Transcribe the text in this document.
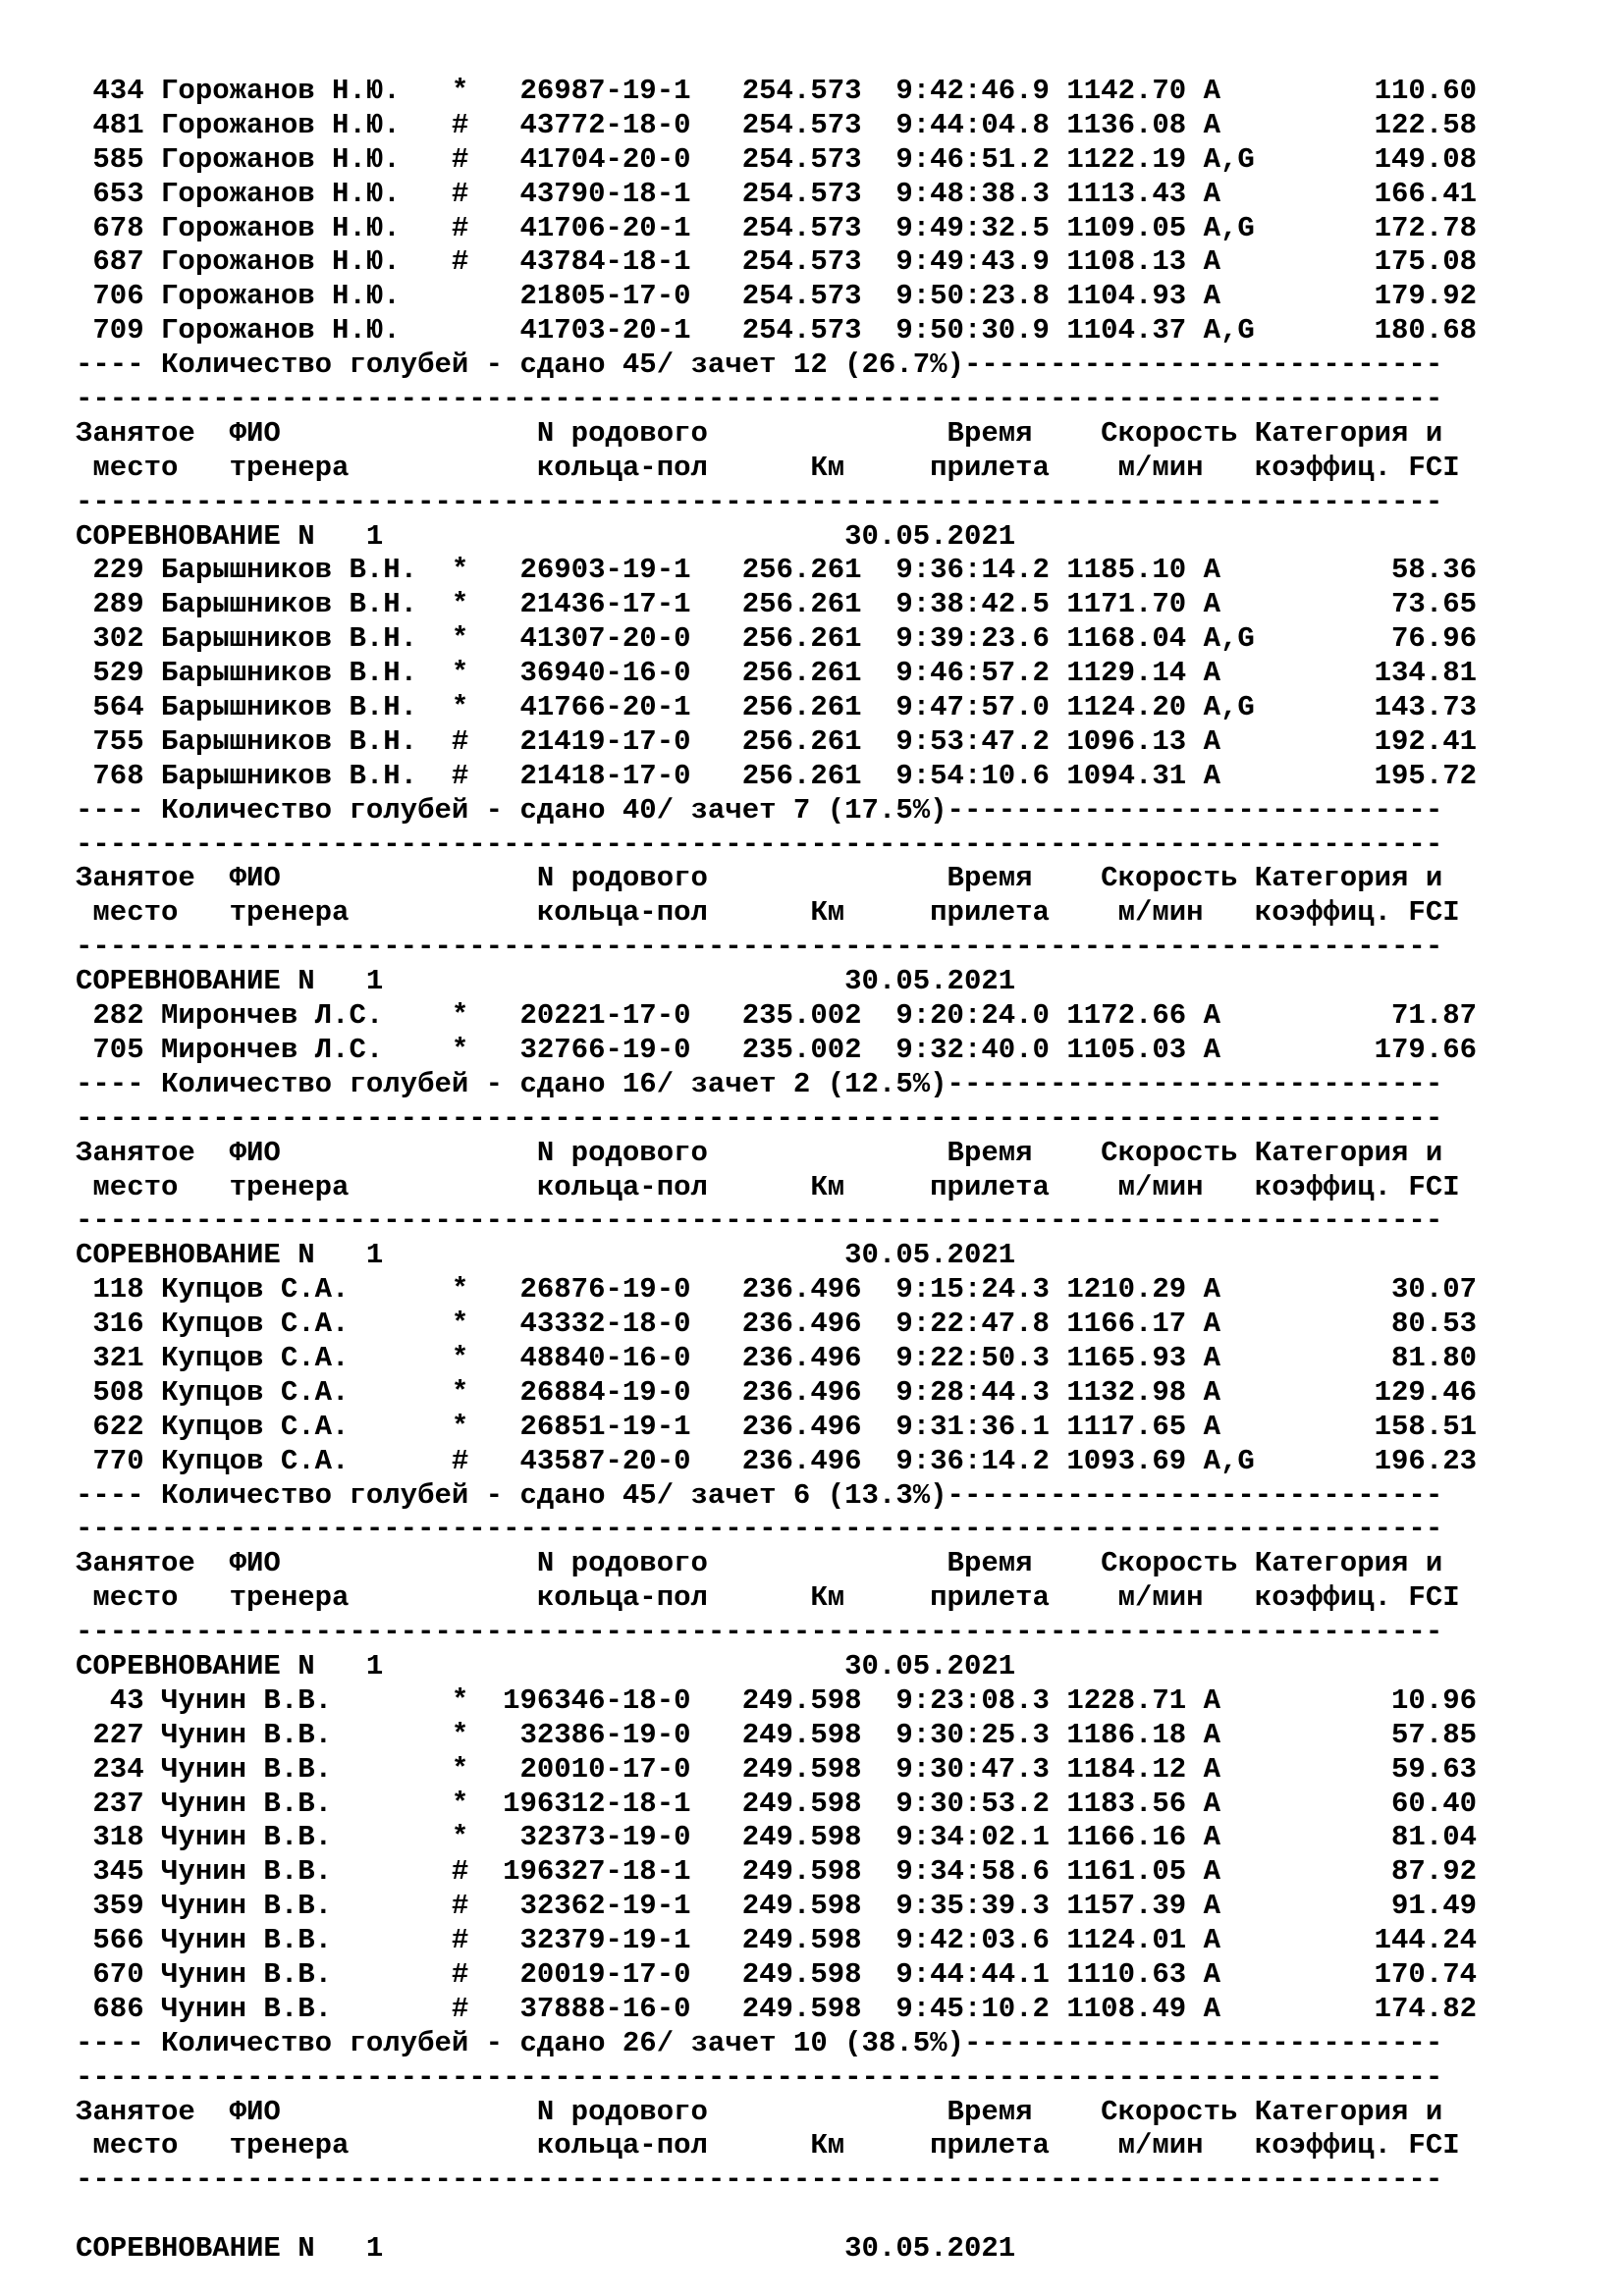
434 Горожанов Н.Ю.   *   26987-19-1   254.573  9:42:46.9 1142.70 A         110.60
481 Горожанов Н.Ю.   #   43772-18-0   254.573  9:44:04.8 1136.08 A         122.58
585 Горожанов Н.Ю.   #   41704-20-0   254.573  9:46:51.2 1122.19 A,G       149.08
653 Горожанов Н.Ю.   #   43790-18-1   254.573  9:48:38.3 1113.43 A         166.41
678 Горожанов Н.Ю.   #   41706-20-1   254.573  9:49:32.5 1109.05 A,G       172.78
687 Горожанов Н.Ю.   #   43784-18-1   254.573  9:49:43.9 1108.13 A         175.08
706 Горожанов Н.Ю.       21805-17-0   254.573  9:50:23.8 1104.93 A         179.92
709 Горожанов Н.Ю.       41703-20-1   254.573  9:50:30.9 1104.37 A,G       180.68
---- Количество голубей - сдано 45/ зачет 12 (26.7%)----------------------------
--------------------------------------------------------------------------------
Занятое  ФИО               N родового              Время    Скорость Категория и
место   тренера           кольца-пол      Км     прилета    м/мин   коэффиц. FCI
--------------------------------------------------------------------------------
СОРЕВНОВАНИЕ N   1                           30.05.2021
229 Барышников В.Н.  *   26903-19-1   256.261  9:36:14.2 1185.10 A          58.36
289 Барышников В.Н.  *   21436-17-1   256.261  9:38:42.5 1171.70 A          73.65
302 Барышников В.Н.  *   41307-20-0   256.261  9:39:23.6 1168.04 A,G        76.96
529 Барышников В.Н.  *   36940-16-0   256.261  9:46:57.2 1129.14 A         134.81
564 Барышников В.Н.  *   41766-20-1   256.261  9:47:57.0 1124.20 A,G       143.73
755 Барышников В.Н.  #   21419-17-0   256.261  9:53:47.2 1096.13 A         192.41
768 Барышников В.Н.  #   21418-17-0   256.261  9:54:10.6 1094.31 A         195.72
---- Количество голубей - сдано 40/ зачет 7 (17.5%)-----------------------------
--------------------------------------------------------------------------------
Занятое  ФИО               N родового              Время    Скорость Категория и
место   тренера           кольца-пол      Км     прилета    м/мин   коэффиц. FCI
--------------------------------------------------------------------------------
СОРЕВНОВАНИЕ N   1                           30.05.2021
282 Мирончев Л.С.    *   20221-17-0   235.002  9:20:24.0 1172.66 A          71.87
705 Мирончев Л.С.    *   32766-19-0   235.002  9:32:40.0 1105.03 A         179.66
---- Количество голубей - сдано 16/ зачет 2 (12.5%)-----------------------------
--------------------------------------------------------------------------------
Занятое  ФИО               N родового              Время    Скорость Категория и
место   тренера           кольца-пол      Км     прилета    м/мин   коэффиц. FCI
--------------------------------------------------------------------------------
СОРЕВНОВАНИЕ N   1                           30.05.2021
118 Купцов С.А.      *   26876-19-0   236.496  9:15:24.3 1210.29 A          30.07
316 Купцов С.А.      *   43332-18-0   236.496  9:22:47.8 1166.17 A          80.53
321 Купцов С.А.      *   48840-16-0   236.496  9:22:50.3 1165.93 A          81.80
508 Купцов С.А.      *   26884-19-0   236.496  9:28:44.3 1132.98 A         129.46
622 Купцов С.А.      *   26851-19-1   236.496  9:31:36.1 1117.65 A         158.51
770 Купцов С.А.      #   43587-20-0   236.496  9:36:14.2 1093.69 A,G       196.23
---- Количество голубей - сдано 45/ зачет 6 (13.3%)-----------------------------
--------------------------------------------------------------------------------
Занятое  ФИО               N родового              Время    Скорость Категория и
место   тренера           кольца-пол      Км     прилета    м/мин   коэффиц. FCI
--------------------------------------------------------------------------------
СОРЕВНОВАНИЕ N   1                           30.05.2021
43 Чунин В.В.       *  196346-18-0   249.598  9:23:08.3 1228.71 A          10.96
227 Чунин В.В.       *   32386-19-0   249.598  9:30:25.3 1186.18 A          57.85
234 Чунин В.В.       *   20010-17-0   249.598  9:30:47.3 1184.12 A          59.63
237 Чунин В.В.       *  196312-18-1   249.598  9:30:53.2 1183.56 A          60.40
318 Чунин В.В.       *   32373-19-0   249.598  9:34:02.1 1166.16 A          81.04
345 Чунин В.В.       #  196327-18-1   249.598  9:34:58.6 1161.05 A          87.92
359 Чунин В.В.       #   32362-19-1   249.598  9:35:39.3 1157.39 A          91.49
566 Чунин В.В.       #   32379-19-1   249.598  9:42:03.6 1124.01 A         144.24
670 Чунин В.В.       #   20019-17-0   249.598  9:44:44.1 1110.63 A         170.74
686 Чунин В.В.       #   37888-16-0   249.598  9:45:10.2 1108.49 A         174.82
---- Количество голубей - сдано 26/ зачет 10 (38.5%)----------------------------
--------------------------------------------------------------------------------
Занятое  ФИО               N родового              Время    Скорость Категория и
место   тренера           кольца-пол      Км     прилета    м/мин   коэффиц. FCI
--------------------------------------------------------------------------------
СОРЕВНОВАНИЕ N   1                           30.05.2021
